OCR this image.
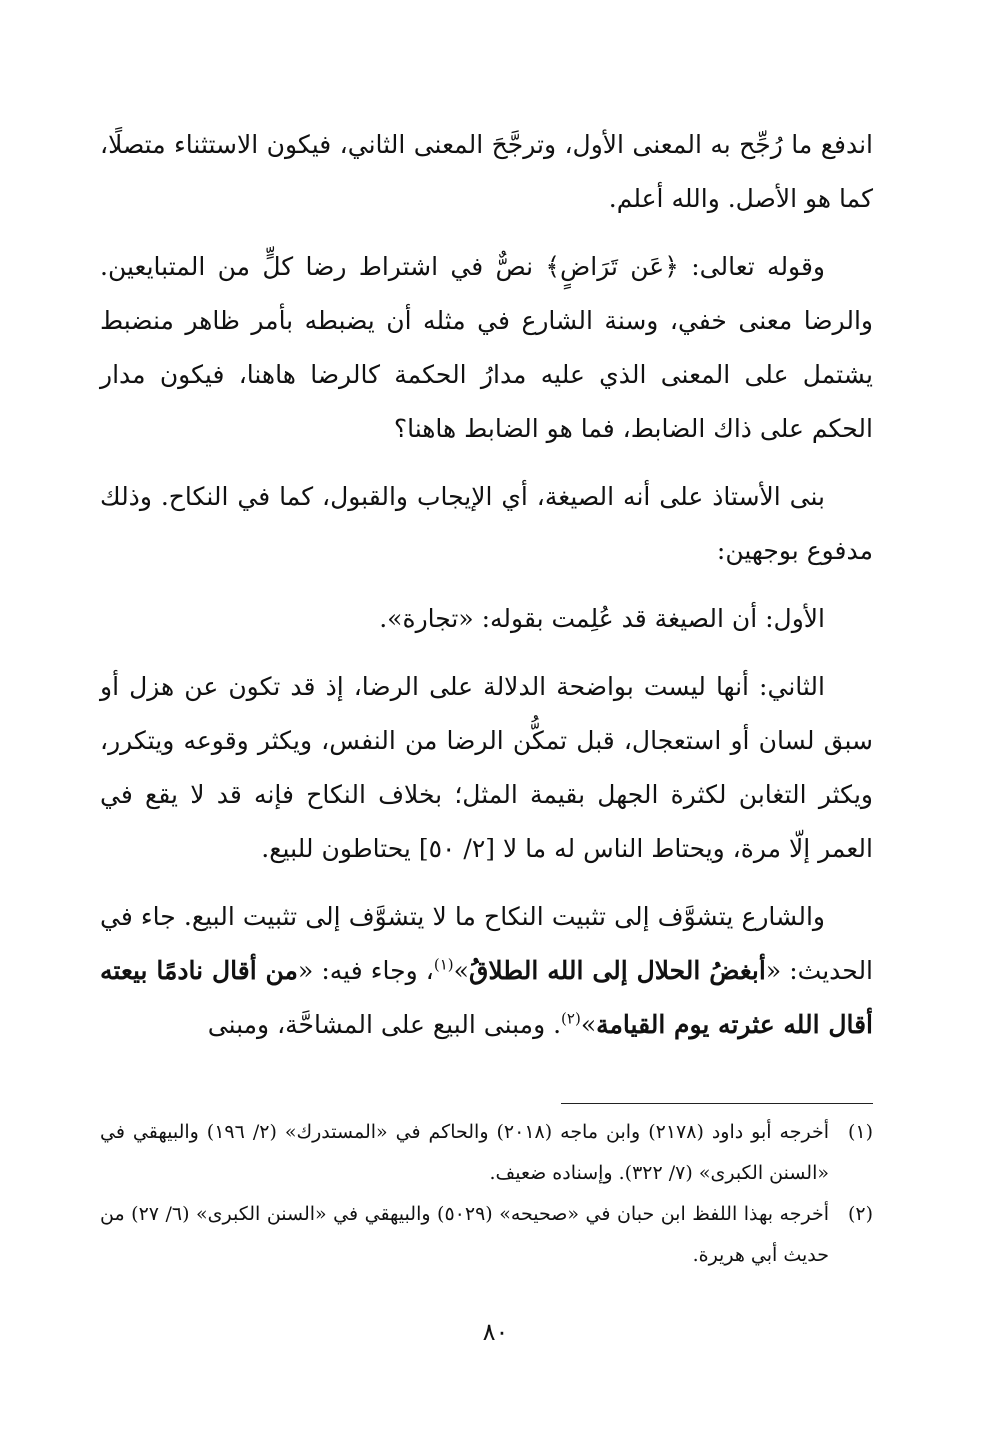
اندفع ما رُجِّح به المعنى الأول، وترجَّحَ المعنى الثاني، فيكون الاستثناء متصلًا، كما هو الأصل. والله أعلم.

وقوله تعالى: ﴿عَن تَرَاضٍ﴾ نصٌّ في اشتراط رضا كلٍّ من المتبايعين. والرضا معنى خفي، وسنة الشارع في مثله أن يضبطه بأمر ظاهر منضبط يشتمل على المعنى الذي عليه مدارُ الحكمة كالرضا هاهنا، فيكون مدار الحكم على ذاك الضابط، فما هو الضابط هاهنا؟

بنى الأستاذ على أنه الصيغة، أي الإيجاب والقبول، كما في النكاح. وذلك مدفوع بوجهين:

الأول: أن الصيغة قد عُلِمت بقوله: «تجارة».

الثاني: أنها ليست بواضحة الدلالة على الرضا، إذ قد تكون عن هزل أو سبق لسان أو استعجال، قبل تمكُّن الرضا من النفس، ويكثر وقوعه ويتكرر، ويكثر التغابن لكثرة الجهل بقيمة المثل؛ بخلاف النكاح فإنه قد لا يقع في العمر إلّا مرة، ويحتاط الناس له ما لا [٢/ ٥٠] يحتاطون للبيع.

والشارع يتشوَّف إلى تثبيت النكاح ما لا يتشوَّف إلى تثبيت البيع. جاء في الحديث: «أبغضُ الحلال إلى الله الطلاقُ»$^{(١)}$، وجاء فيه: «من أقال نادمًا بيعته أقال الله عثرته يوم القيامة»$^{(٢)}$. ومبنى البيع على المشاحَّة، ومبنى

(١)
أخرجه أبو داود (٢١٧٨) وابن ماجه (٢٠١٨) والحاكم في «المستدرك» (٢/ ١٩٦) والبيهقي في «السنن الكبرى» (٧/ ٣٢٢). وإسناده ضعيف.
(٢)
أخرجه بهذا اللفظ ابن حبان في «صحيحه» (٥٠٢٩) والبيهقي في «السنن الكبرى» (٦/ ٢٧) من حديث أبي هريرة.
٨٠
